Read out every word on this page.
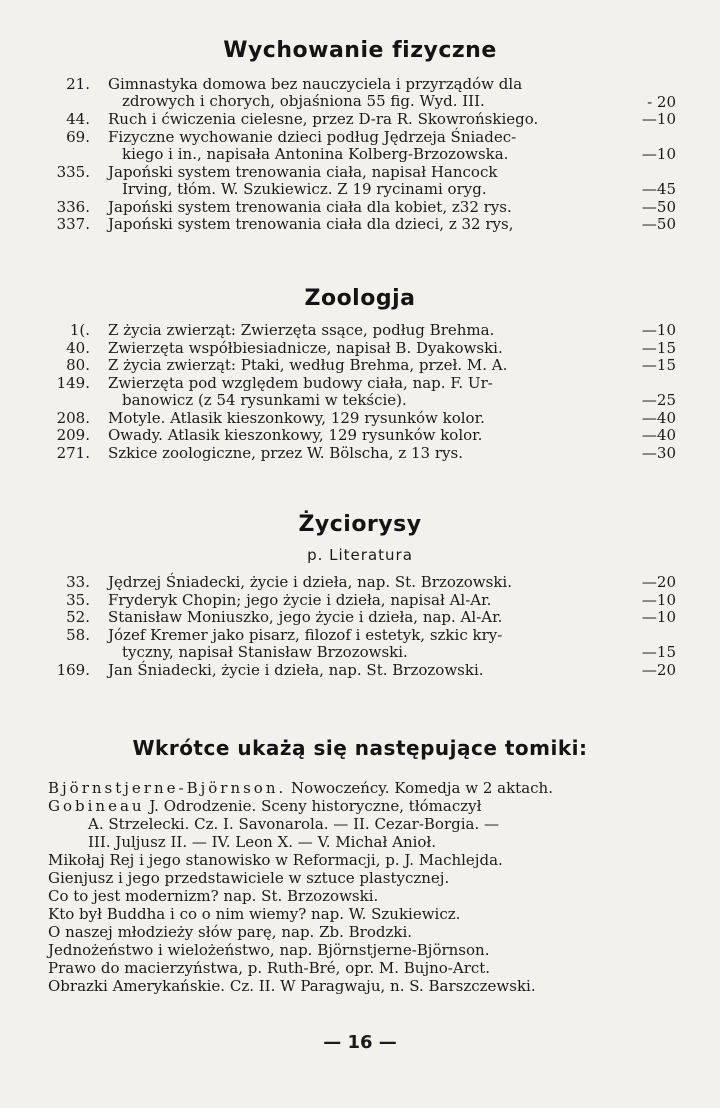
Wychowanie fizyczne
21. Gimnastyka domowa bez nauczyciela i przyrządów dla
zdrowych i chorych, objaśniona 55 fig. Wyd. III.	- 20
44. Ruch i ćwiczenia cielesne, przez D-ra R. Skowrońskiego.	—10
69. Fizyczne wychowanie dzieci podług Jędrzeja Śniadec-
kiego i in., napisała Antonina Kolberg-Brzozowska.	—10
335. Japoński system trenowania ciała, napisał Hancock
Irving, tłóm. W. Szukiewicz. Z 19 rycinami oryg.	—45
336. Japoński system trenowania ciała dla kobiet, z32 rys.	—50
337. Japoński system trenowania ciała dla dzieci, z 32 rys,	—50
Zoologja
1(. Z życia zwierząt: Zwierzęta ssące, podług Brehma.	—10
40. Zwierzęta współbiesiadnicze, napisał B. Dyakowski.	—15
80. Z życia zwierząt: Ptaki, według Brehma, przeł. M. A.	—15
149. Zwierzęta pod względem budowy ciała, nap. F. Ur-
banowicz (z 54 rysunkami w tekście).	—25
208. Motyle. Atlasik kieszonkowy, 129 rysunków kolor.	—40
209. Owady. Atlasik kieszonkowy, 129 rysunków kolor.	—40
271. Szkice zoologiczne, przez W. Bölscha, z 13 rys.	—30
Życiorysy
p. Literatura
33. Jędrzej Śniadecki, życie i dzieła, nap. St. Brzozowski.	—20
35. Fryderyk Chopin; jego życie i dzieła, napisał Al-Ar.	—10
52. Stanisław Moniuszko, jego życie i dzieła, nap. Al-Ar.	—10
58. Józef Kremer jako pisarz, filozof i estetyk, szkic kry-
tyczny, napisał Stanisław Brzozowski.	—15
169. Jan Śniadecki, życie i dzieła, nap. St. Brzozowski.	—20
Wkrótce ukażą się następujące tomiki:
Björnstjerne-Björnson. Nowoczeńcy. Komedja w 2 aktach.
Gobineau J. Odrodzenie. Sceny historyczne, tłómaczył
A. Strzelecki. Cz. I. Savonarola. — II. Cezar-Borgia. —
III. Juljusz II. — IV. Leon X. — V. Michał Anioł.
Mikołaj Rej i jego stanowisko w Reformacji, p. J. Machlejda.
Gienjusz i jego przedstawiciele w sztuce plastycznej.
Co to jest modernizm? nap. St. Brzozowski.
Kto był Buddha i co o nim wiemy? nap. W. Szukiewicz.
O naszej młodzieży słów parę, nap. Zb. Brodzki.
Jednożeństwo i wielożeństwo, nap. Björnstjerne-Björnson.
Prawo do macierzyństwa, p. Ruth-Bré, opr. M. Bujno-Arct.
Obrazki Amerykańskie. Cz. II. W Paragwaju, n. S. Barszczewski.
— 16 —
